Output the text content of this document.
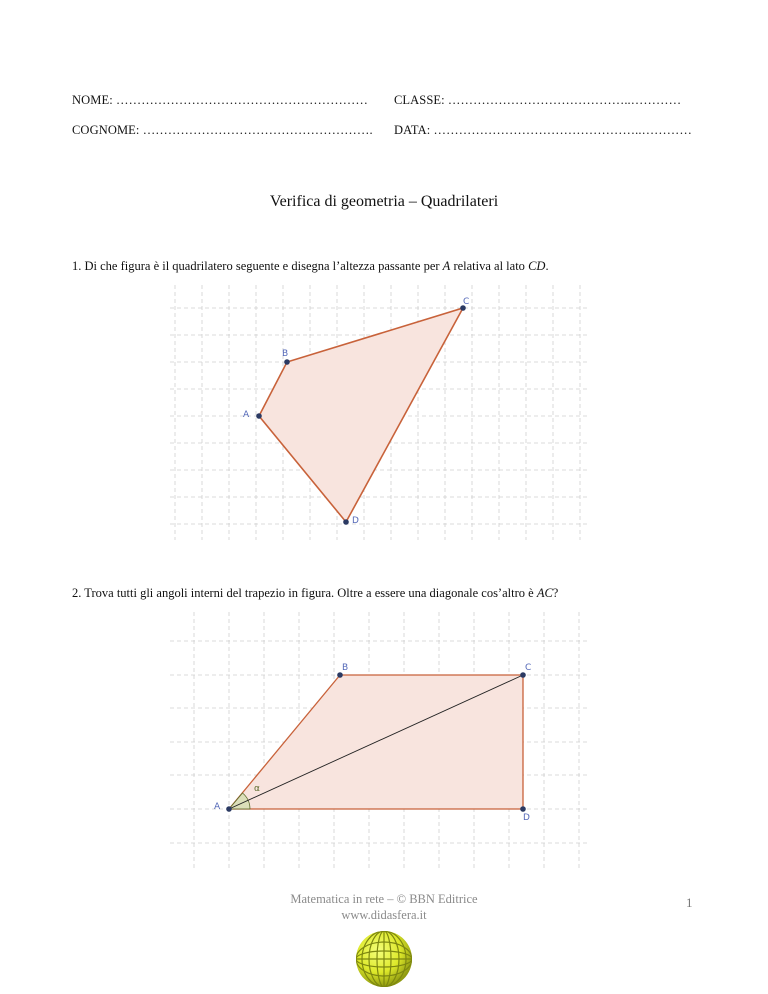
NOME: …………………………………………………… CLASSE: ……………………………………..…………
COGNOME: ………………………………………………. DATA: …………………………………………..…………
Verifica di geometria – Quadrilateri
1. Di che figura è il quadrilatero seguente e disegna l’altezza passante per A relativa al lato CD.
A
B
C
D
2. Trova tutti gli angoli interni del trapezio in figura. Oltre a essere una diagonale cos’altro è AC?
A
B	C
D
α
Matematica in rete – © BBN Editrice
www.didasfera.it
1
